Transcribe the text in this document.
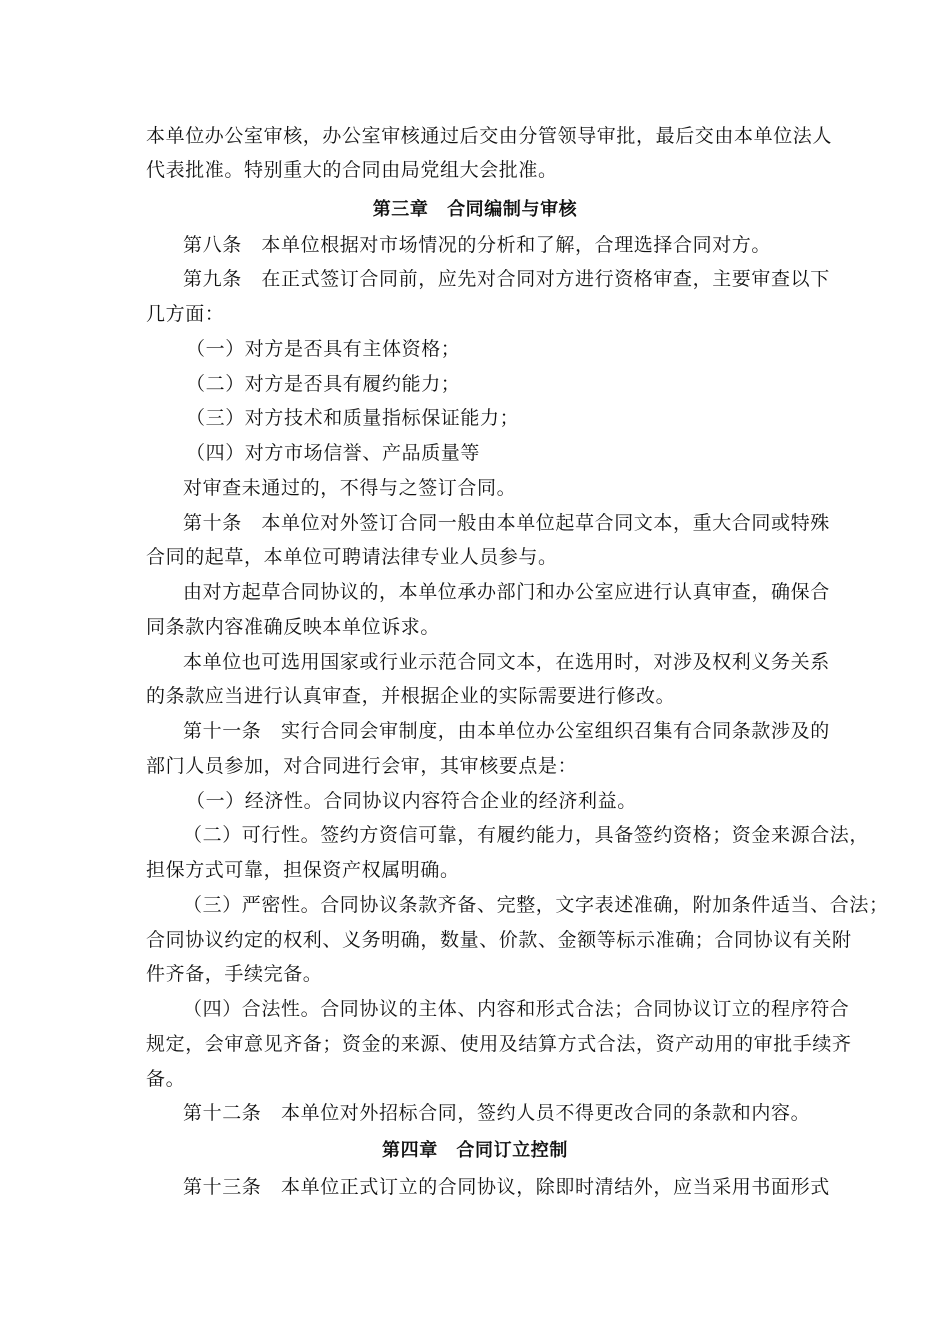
本单位办公室审核，办公室审核通过后交由分管领导审批，最后交由本单位法人
代表批准。特别重大的合同由局党组大会批准。
第三章　合同编制与审核
第八条　本单位根据对市场情况的分析和了解，合理选择合同对方。
第九条　在正式签订合同前，应先对合同对方进行资格审查，主要审查以下
几方面：
（一）对方是否具有主体资格；
（二）对方是否具有履约能力；
（三）对方技术和质量指标保证能力；
（四）对方市场信誉、产品质量等
对审查未通过的，不得与之签订合同。
第十条　本单位对外签订合同一般由本单位起草合同文本，重大合同或特殊
合同的起草，本单位可聘请法律专业人员参与。
由对方起草合同协议的，本单位承办部门和办公室应进行认真审查，确保合
同条款内容准确反映本单位诉求。
本单位也可选用国家或行业示范合同文本，在选用时，对涉及权利义务关系
的条款应当进行认真审查，并根据企业的实际需要进行修改。
第十一条　实行合同会审制度，由本单位办公室组织召集有合同条款涉及的
部门人员参加，对合同进行会审，其审核要点是：
（一）经济性。合同协议内容符合企业的经济利益。
（二）可行性。签约方资信可靠，有履约能力，具备签约资格；资金来源合法，
担保方式可靠，担保资产权属明确。
（三）严密性。合同协议条款齐备、完整，文字表述准确，附加条件适当、合法；
合同协议约定的权利、义务明确，数量、价款、金额等标示准确；合同协议有关附
件齐备，手续完备。
（四）合法性。合同协议的主体、内容和形式合法；合同协议订立的程序符合
规定，会审意见齐备；资金的来源、使用及结算方式合法，资产动用的审批手续齐
备。
第十二条　本单位对外招标合同，签约人员不得更改合同的条款和内容。
第四章　合同订立控制
第十三条　本单位正式订立的合同协议，除即时清结外，应当采用书面形式
